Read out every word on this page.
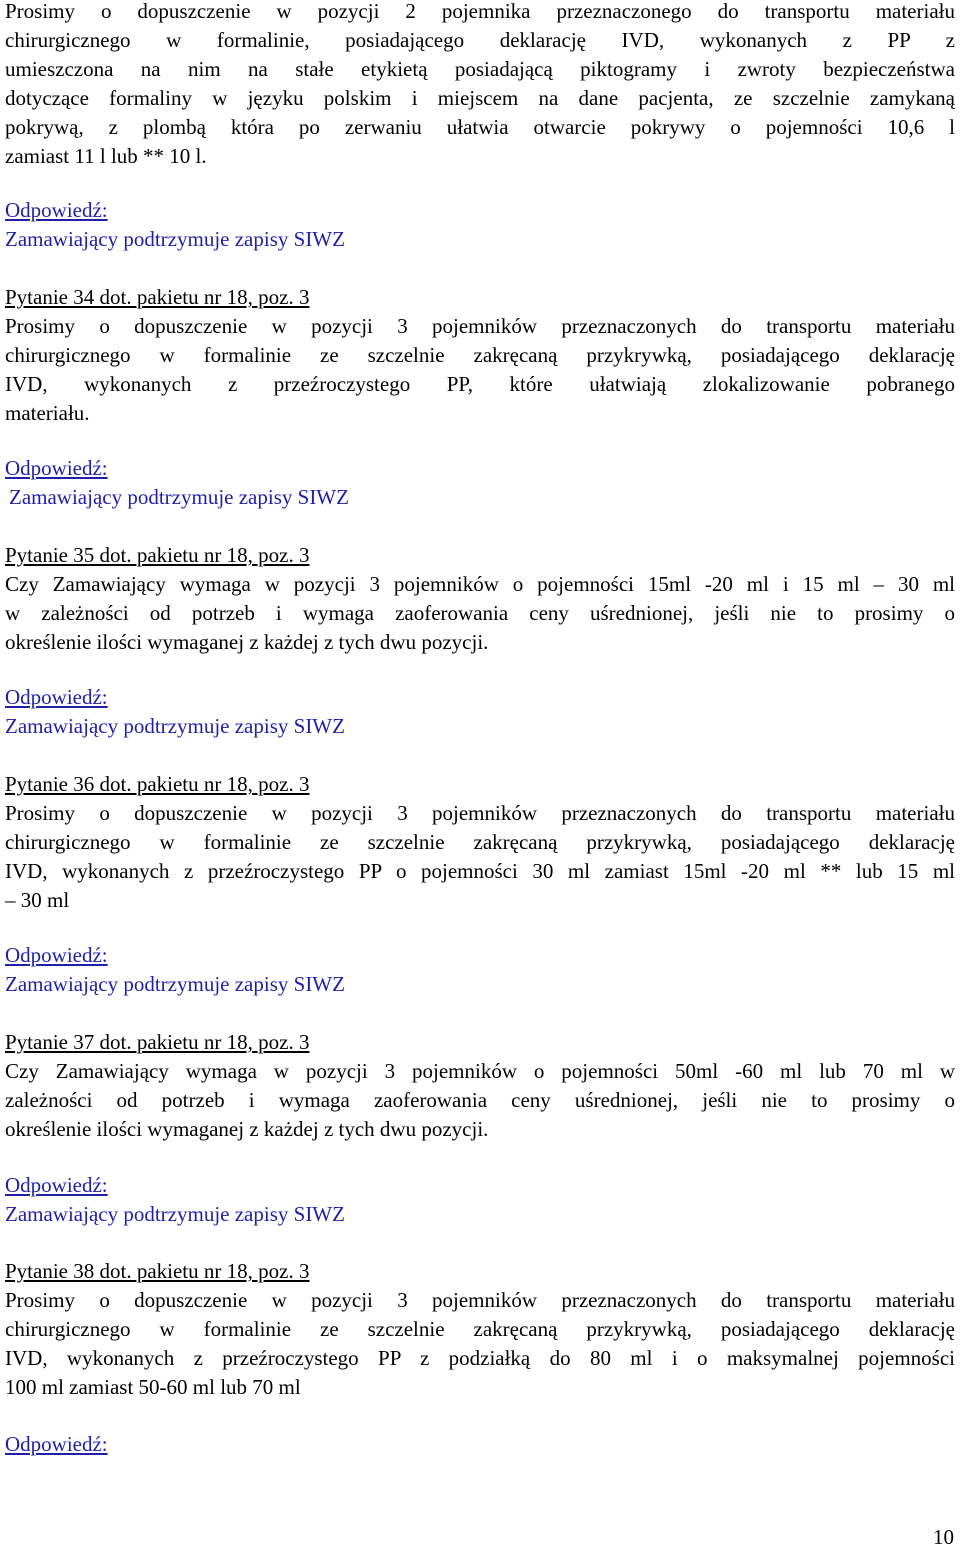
Prosimy o dopuszczenie w pozycji 2 pojemnika przeznaczonego do transportu materiału
chirurgicznego w formalinie, posiadającego deklarację IVD, wykonanych z PP z
umieszczona na nim na stałe etykietą posiadającą piktogramy i zwroty bezpieczeństwa
dotyczące formaliny w języku polskim i miejscem na dane pacjenta, ze szczelnie zamykaną
pokrywą, z plombą która po zerwaniu ułatwia otwarcie pokrywy o pojemności 10,6 l
zamiast 11 l lub ** 10 l.
Odpowiedź:
Zamawiający podtrzymuje zapisy SIWZ
Pytanie 34 dot. pakietu nr 18, poz. 3
Prosimy o dopuszczenie w pozycji 3 pojemników przeznaczonych do transportu materiału
chirurgicznego w formalinie ze szczelnie zakręcaną przykrywką, posiadającego deklarację
IVD, wykonanych z przeźroczystego PP, które ułatwiają zlokalizowanie pobranego
materiału.
Odpowiedź:
Zamawiający podtrzymuje zapisy SIWZ
Pytanie 35 dot. pakietu nr 18, poz. 3
Czy Zamawiający wymaga w pozycji 3 pojemników o pojemności 15ml -20 ml i 15 ml – 30 ml
w zależności od potrzeb i wymaga zaoferowania ceny uśrednionej, jeśli nie to prosimy o
określenie ilości wymaganej z każdej z tych dwu pozycji.
Odpowiedź:
Zamawiający podtrzymuje zapisy SIWZ
Pytanie 36 dot. pakietu nr 18, poz. 3
Prosimy o dopuszczenie w pozycji 3 pojemników przeznaczonych do transportu materiału
chirurgicznego w formalinie ze szczelnie zakręcaną przykrywką, posiadającego deklarację
IVD, wykonanych z przeźroczystego PP o pojemności 30 ml zamiast 15ml -20 ml ** lub 15 ml
– 30 ml
Odpowiedź:
Zamawiający podtrzymuje zapisy SIWZ
Pytanie 37 dot. pakietu nr 18, poz. 3
Czy Zamawiający wymaga w pozycji 3 pojemników o pojemności 50ml -60 ml lub 70 ml w
zależności od potrzeb i wymaga zaoferowania ceny uśrednionej, jeśli nie to prosimy o
określenie ilości wymaganej z każdej z tych dwu pozycji.
Odpowiedź:
Zamawiający podtrzymuje zapisy SIWZ
Pytanie 38 dot. pakietu nr 18, poz. 3
Prosimy o dopuszczenie w pozycji 3 pojemników przeznaczonych do transportu materiału
chirurgicznego w formalinie ze szczelnie zakręcaną przykrywką, posiadającego deklarację
IVD, wykonanych z przeźroczystego PP z podziałką do 80 ml i o maksymalnej pojemności
100 ml zamiast 50-60 ml lub 70 ml
Odpowiedź:
10
